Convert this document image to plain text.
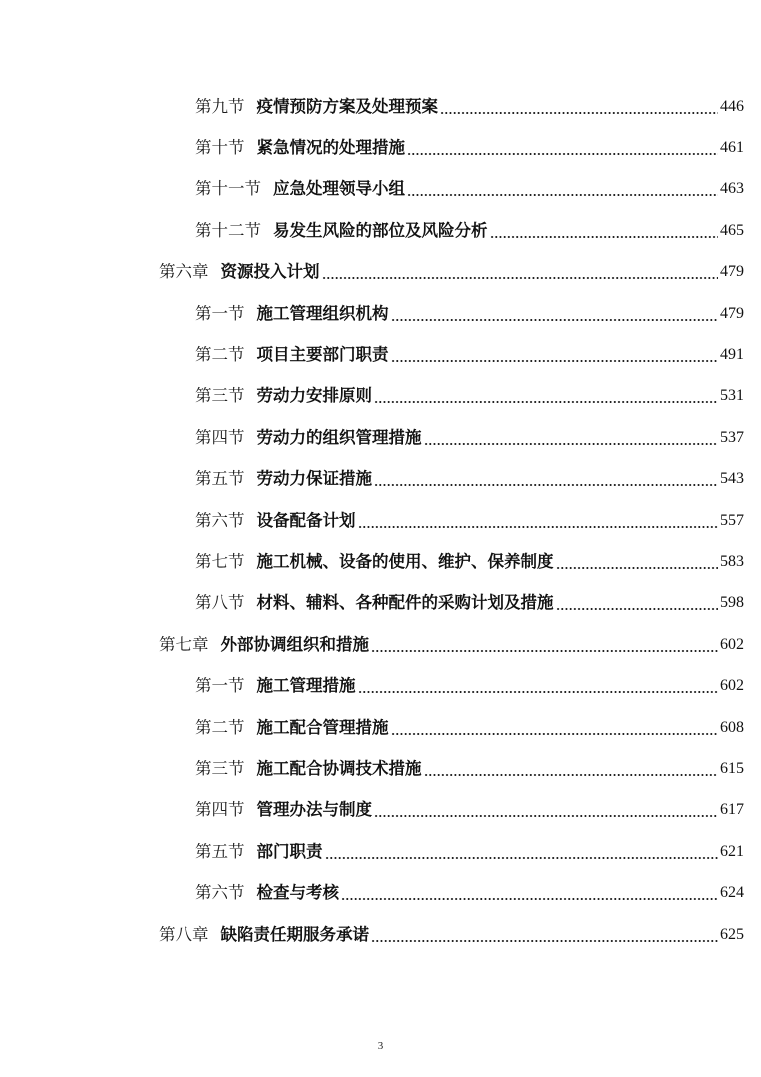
第九节 疫情预防方案及处理预案	446
第十节 紧急情况的处理措施	461
第十一节 应急处理领导小组	463
第十二节 易发生风险的部位及风险分析	465
第六章 资源投入计划	479
第一节 施工管理组织机构	479
第二节 项目主要部门职责	491
第三节 劳动力安排原则	531
第四节 劳动力的组织管理措施	537
第五节 劳动力保证措施	543
第六节 设备配备计划	557
第七节 施工机械、设备的使用、维护、保养制度	583
第八节 材料、辅料、各种配件的采购计划及措施	598
第七章 外部协调组织和措施	602
第一节 施工管理措施	602
第二节 施工配合管理措施	608
第三节 施工配合协调技术措施	615
第四节 管理办法与制度	617
第五节 部门职责	621
第六节 检查与考核	624
第八章 缺陷责任期服务承诺	625
3
